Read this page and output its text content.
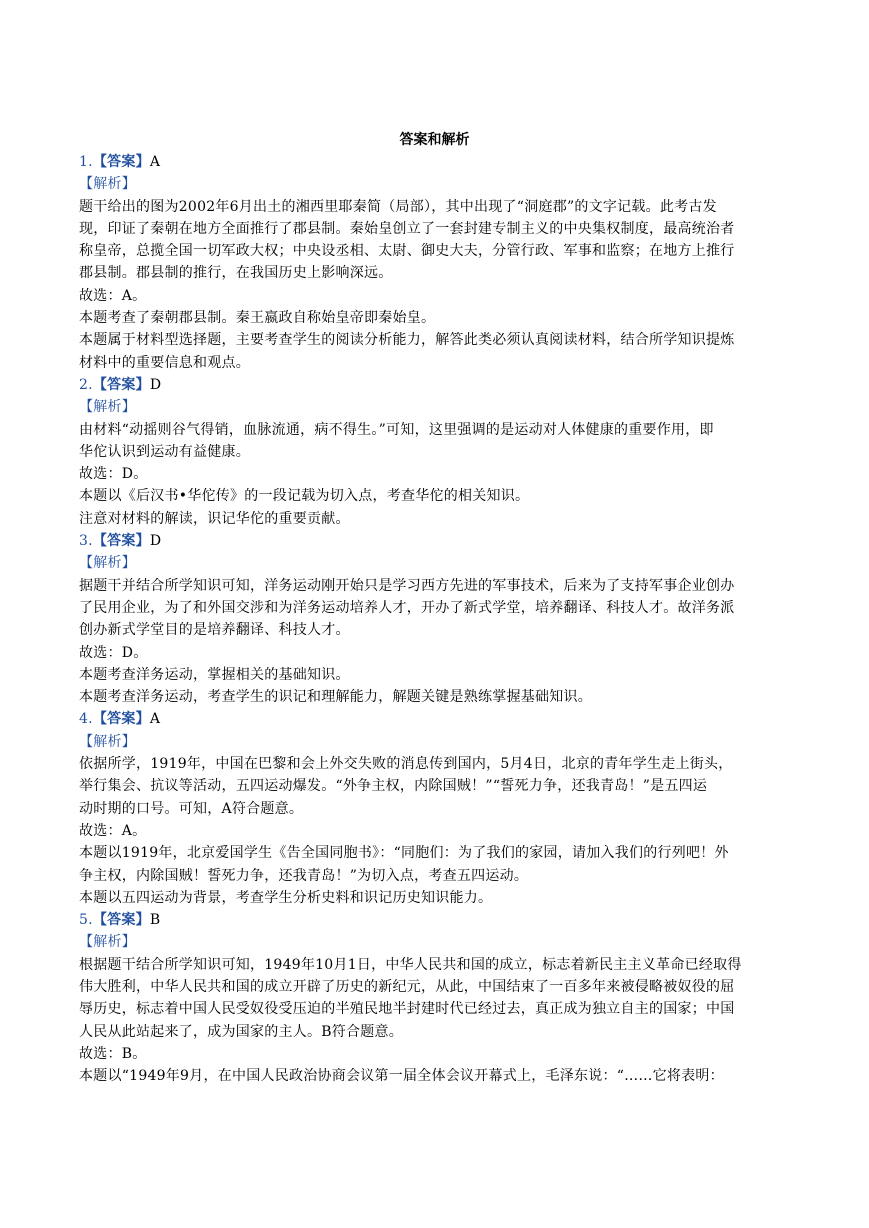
答案和解析
1.【答案】A
【解析】
题干给出的图为2002年6月出土的湘西里耶秦简（局部），其中出现了“洞庭郡”的文字记载。此考古发
现，印证了秦朝在地方全面推行了郡县制。秦始皇创立了一套封建专制主义的中央集权制度，最高统治者
称皇帝，总揽全国一切军政大权；中央设丞相、太尉、御史大夫，分管行政、军事和监察；在地方上推行
郡县制。郡县制的推行，在我国历史上影响深远。
故选：A。
本题考查了秦朝郡县制。秦王嬴政自称始皇帝即秦始皇。
本题属于材料型选择题，主要考查学生的阅读分析能力，解答此类必须认真阅读材料，结合所学知识提炼
材料中的重要信息和观点。
2.【答案】D
【解析】
由材料“动摇则谷气得销，血脉流通，病不得生。”可知，这里强调的是运动对人体健康的重要作用，即
华佗认识到运动有益健康。
故选：D。
本题以《后汉书•华佗传》的一段记载为切入点，考查华佗的相关知识。
注意对材料的解读，识记华佗的重要贡献。
3.【答案】D
【解析】
据题干并结合所学知识可知，洋务运动刚开始只是学习西方先进的军事技术，后来为了支持军事企业创办
了民用企业，为了和外国交涉和为洋务运动培养人才，开办了新式学堂，培养翻译、科技人才。故洋务派
创办新式学堂目的是培养翻译、科技人才。
故选：D。
本题考查洋务运动，掌握相关的基础知识。
本题考查洋务运动，考查学生的识记和理解能力，解题关键是熟练掌握基础知识。
4.【答案】A
【解析】
依据所学，1919年，中国在巴黎和会上外交失败的消息传到国内，5月4日，北京的青年学生走上街头，
举行集会、抗议等活动，五四运动爆发。“外争主权，内除国贼！”“誓死力争，还我青岛！”是五四运
动时期的口号。可知，A符合题意。
故选：A。
本题以1919年，北京爱国学生《告全国同胞书》：“同胞们：为了我们的家园，请加入我们的行列吧！外
争主权，内除国贼！誓死力争，还我青岛！”为切入点，考查五四运动。
本题以五四运动为背景，考查学生分析史料和识记历史知识能力。
5.【答案】B
【解析】
根据题干结合所学知识可知，1949年10月1日，中华人民共和国的成立，标志着新民主主义革命已经取得
伟大胜利，中华人民共和国的成立开辟了历史的新纪元，从此，中国结束了一百多年来被侵略被奴役的屈
辱历史，标志着中国人民受奴役受压迫的半殖民地半封建时代已经过去，真正成为独立自主的国家；中国
人民从此站起来了，成为国家的主人。B符合题意。
故选：B。
本题以“1949年9月，在中国人民政治协商会议第一届全体会议开幕式上，毛泽东说：“……它将表明：
